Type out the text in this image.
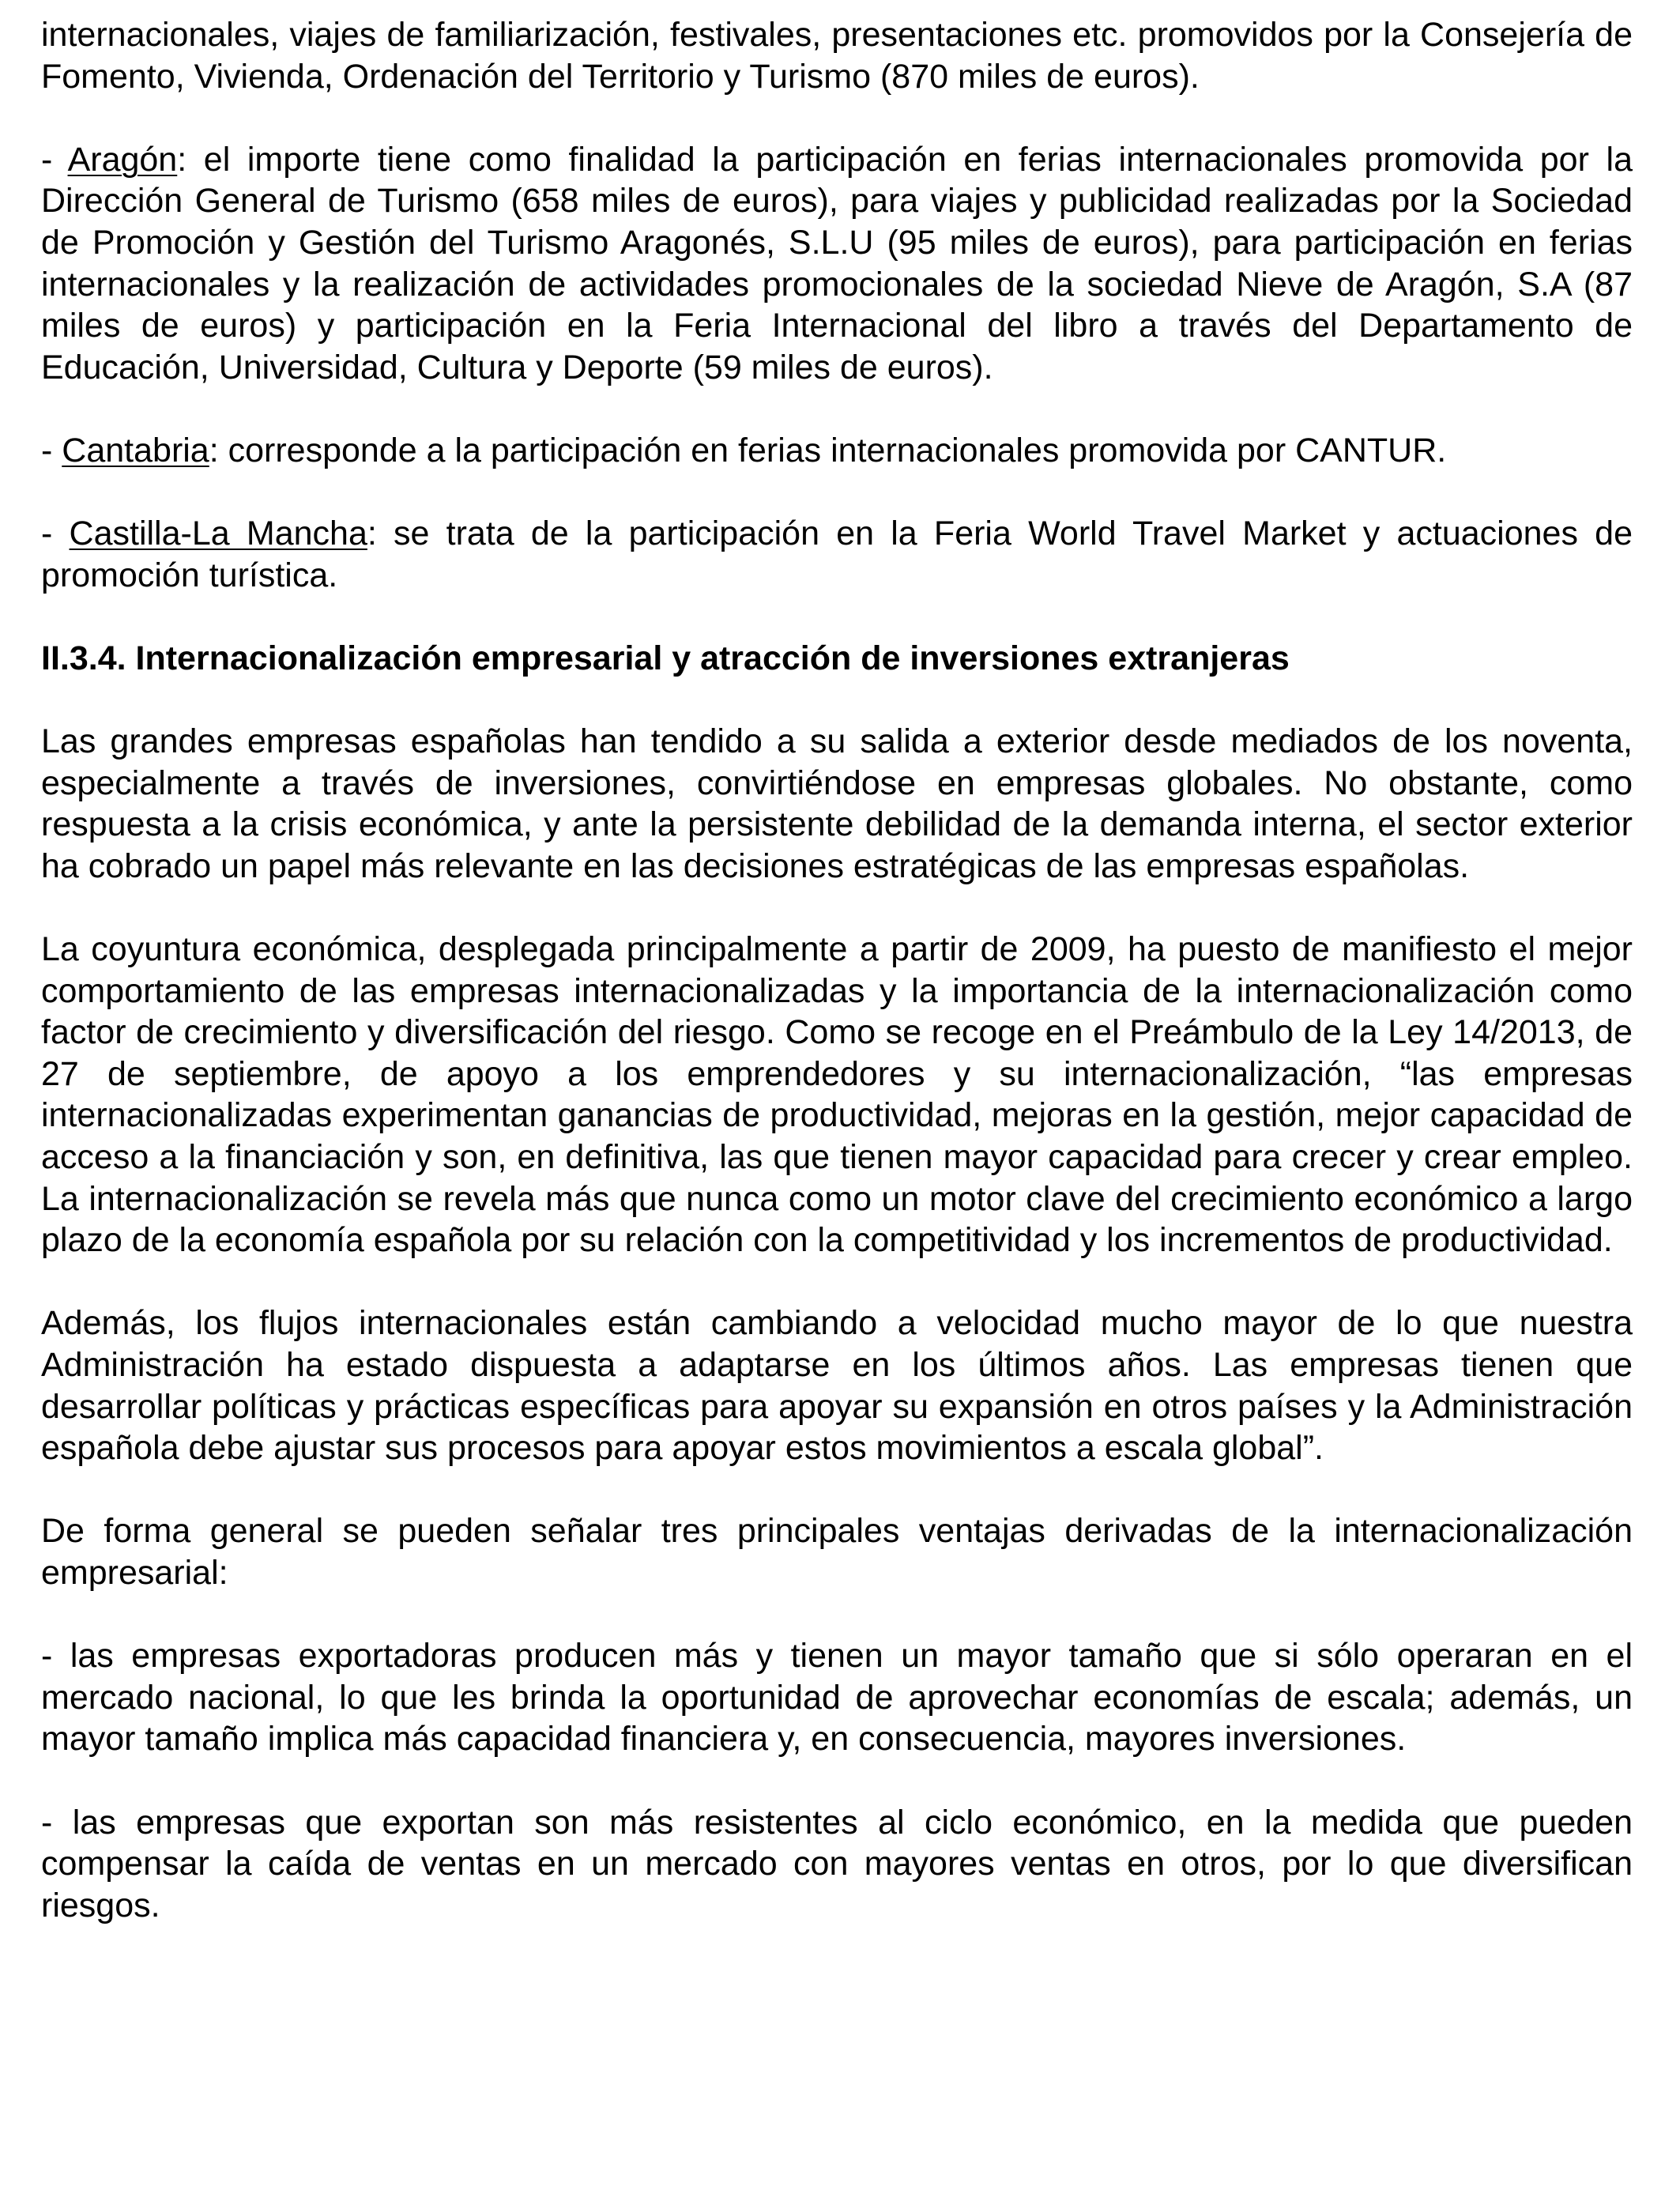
internacionales, viajes de familiarización, festivales, presentaciones etc. promovidos por la Consejería de Fomento, Vivienda, Ordenación del Territorio y Turismo (870 miles de euros).

- Aragón: el importe tiene como finalidad la participación en ferias internacionales promovida por la Dirección General de Turismo (658 miles de euros), para viajes y publicidad realizadas por la Sociedad de Promoción y Gestión del Turismo Aragonés, S.L.U (95 miles de euros), para participación en ferias internacionales y la realización de actividades promocionales de la sociedad Nieve de Aragón, S.A (87 miles de euros) y participación en la Feria Internacional del libro a través del Departamento de Educación, Universidad, Cultura y Deporte (59 miles de euros).

- Cantabria: corresponde a la participación en ferias internacionales promovida por CANTUR.

- Castilla-La Mancha: se trata de la participación en la Feria World Travel Market y actuaciones de promoción turística.

II.3.4. Internacionalización empresarial y atracción de inversiones extranjeras

Las grandes empresas españolas han tendido a su salida a exterior desde mediados de los noventa, especialmente a través de inversiones, convirtiéndose en empresas globales. No obstante, como respuesta a la crisis económica, y ante la persistente debilidad de la demanda interna, el sector exterior ha cobrado un papel más relevante en las decisiones estratégicas de las empresas españolas.

La coyuntura económica, desplegada principalmente a partir de 2009, ha puesto de manifiesto el mejor comportamiento de las empresas internacionalizadas y la importancia de la internacionalización como factor de crecimiento y diversificación del riesgo. Como se recoge en el Preámbulo de la Ley 14/2013, de 27 de septiembre, de apoyo a los emprendedores y su internacionalización, “las empresas internacionalizadas experimentan ganancias de productividad, mejoras en la gestión, mejor capacidad de acceso a la financiación y son, en definitiva, las que tienen mayor capacidad para crecer y crear empleo. La internacionalización se revela más que nunca como un motor clave del crecimiento económico a largo plazo de la economía española por su relación con la competitividad y los incrementos de productividad.

Además, los flujos internacionales están cambiando a velocidad mucho mayor de lo que nuestra Administración ha estado dispuesta a adaptarse en los últimos años. Las empresas tienen que desarrollar políticas y prácticas específicas para apoyar su expansión en otros países y la Administración española debe ajustar sus procesos para apoyar estos movimientos a escala global”.

De forma general se pueden señalar tres principales ventajas derivadas de la internacionalización empresarial:

- las empresas exportadoras producen más y tienen un mayor tamaño que si sólo operaran en el mercado nacional, lo que les brinda la oportunidad de aprovechar economías de escala; además, un mayor tamaño implica más capacidad financiera y, en consecuencia, mayores inversiones.

- las empresas que exportan son más resistentes al ciclo económico, en la medida que pueden compensar la caída de ventas en un mercado con mayores ventas en otros, por lo que diversifican riesgos.
